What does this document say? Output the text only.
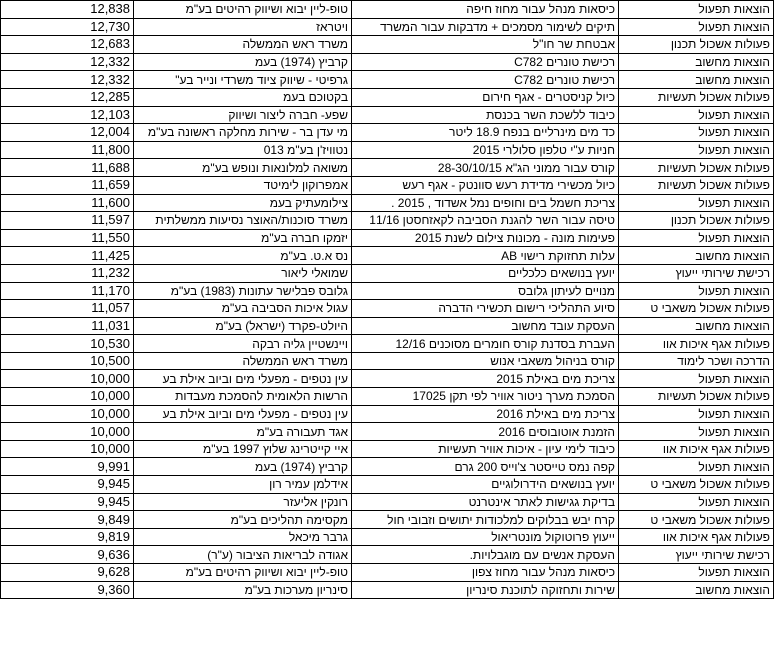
12,838	טופ-ליין יבוא ושיווק רהיטים בע"מ	כיסאות מנהל עבור מחוז חיפה	הוצאות תפעול
12,730	ויטראז	תיקים לשימור מסמכים + מדבקות עבור המשרד	הוצאות תפעול
12,683	משרד ראש הממשלה	אבטחת שר חו"ל	פעולות אשכול תכנון
12,332	קרביץ (1974) בעמ	רכישת טונרים C782	הוצאות מחשוב
12,332	גרפיטי - שיווק ציוד משרדי ונייר בע"	רכישת טונרים C782	הוצאות מחשוב
12,285	בקטוכם בעמ	כיול קניסטרים - אגף חירום	פעולות אשכול תעשיות
12,103	שפע- חברה ליצור ושיווק	כיבוד ללשכת השר בכנסת	הוצאות תפעול
12,004	מי עדן בר - שירות מחלקה ראשונה בע"מ	כד מים מינרליים בנפח 18.9 ליטר	הוצאות תפעול
11,800	נטוויז'ן בע"מ 013	חניות ע"י טלפון סלולרי 2015	הוצאות תפעול
11,688	משואה למלונאות ונופש בע"מ	קורס עבור ממוני הג"א 28-30/10/15	פעולות אשכול תעשיות
11,659	אמפרוקון לימיטד	כיול מכשירי מדידת רעש סוונטק - אגף רעש	פעולות אשכול תעשיות
11,600	צילומעתיק בעמ	צריכת חשמל בים וחופים נמל אשדוד , 2015 .	הוצאות תפעול
11,597	משרד סוכנות/האוצר נסיעות ממשלתית	טיסה עבור השר להגנת הסביבה לקאזחסטן 11/16	פעולות אשכול תכנון
11,550	יזמקו חברה בע"מ	פעימות מונה - מכונות צילום לשנת 2015	הוצאות תפעול
11,425	נס א.ט. בע"מ	עלות תחזוקת רישוי AB	הוצאות מחשוב
11,232	שמואלי ליאור	יועץ בנושאים כלכליים	רכישת שירותי ייעוץ
11,170	גלובס פבלישר עתונות (1983) בע"מ	מנויים לעיתון גלובס	הוצאות תפעול
11,057	עגול איכות הסביבה בע"מ	סיוע התהליכי רישום תכשירי הדברה	פעולות אשכול משאבי ט
11,031	היולט-פקרד (ישראל) בע"מ	העסקת עובד מחשוב	הוצאות מחשוב
10,530	ויינשטיין גליה רבקה	העברת בסדנת קורס חומרים מסוכנים 12/16	פעולות אגף איכות אוו
10,500	משרד ראש הממשלה	קורס בניהול משאבי אנוש	הדרכה ושכר לימוד
10,000	עין נטפים - מפעלי מים וביוב אילת בע	צריכת מים באילת 2015	הוצאות תפעול
10,000	הרשות הלאומית להסמכת מעבדות	הסמכת מערך ניטור אוויר לפי תקן 17025	פעולות אשכול תעשיות
10,000	עין נטפים - מפעלי מים וביוב אילת בע	צריכת מים באילת 2016	הוצאות תפעול
10,000	אגד תעבורה בע"מ	הזמנת אוטובוסים 2016	הוצאות תפעול
10,000	איי קייטרינג שלוץ 1997 בע"מ	כיבוד לימי עיון - איכות אוויר תעשיות	פעולות אגף איכות אוו
9,991	קרביץ (1974) בעמ	קפה נמס טייסטר צ'וייס 200 גרם	הוצאות תפעול
9,945	אידלמן עמיר רון	יועץ בנושאים הידרולוגיים	פעולות אשכול משאבי ט
9,945	רונקין אליעזר	בדיקת גגישות לאתר אינטרנט	הוצאות תפעול
9,849	מקסימה תהליכים בע"מ	קרח יבש בבלוקים למלכודות יתושים וזבובי חול	פעולות אשכול משאבי ט
9,819	גרבר מיכאל	ייעוץ פרוטוקול מונטריאול	פעולות אגף איכות אוו
9,636	אגודה לבריאות הציבור (ע"ר)	העסקת אנשים עם מוגבלויות.	רכישת שירותי ייעוץ
9,628	טופ-ליין יבוא ושיווק רהיטים בע"מ	כיסאות מנהל עבור מחוז צפון	הוצאות תפעול
9,360	סינריון מערכות בע"מ	שירות ותחזוקה לתוכנת סינריון	הוצאות מחשוב
